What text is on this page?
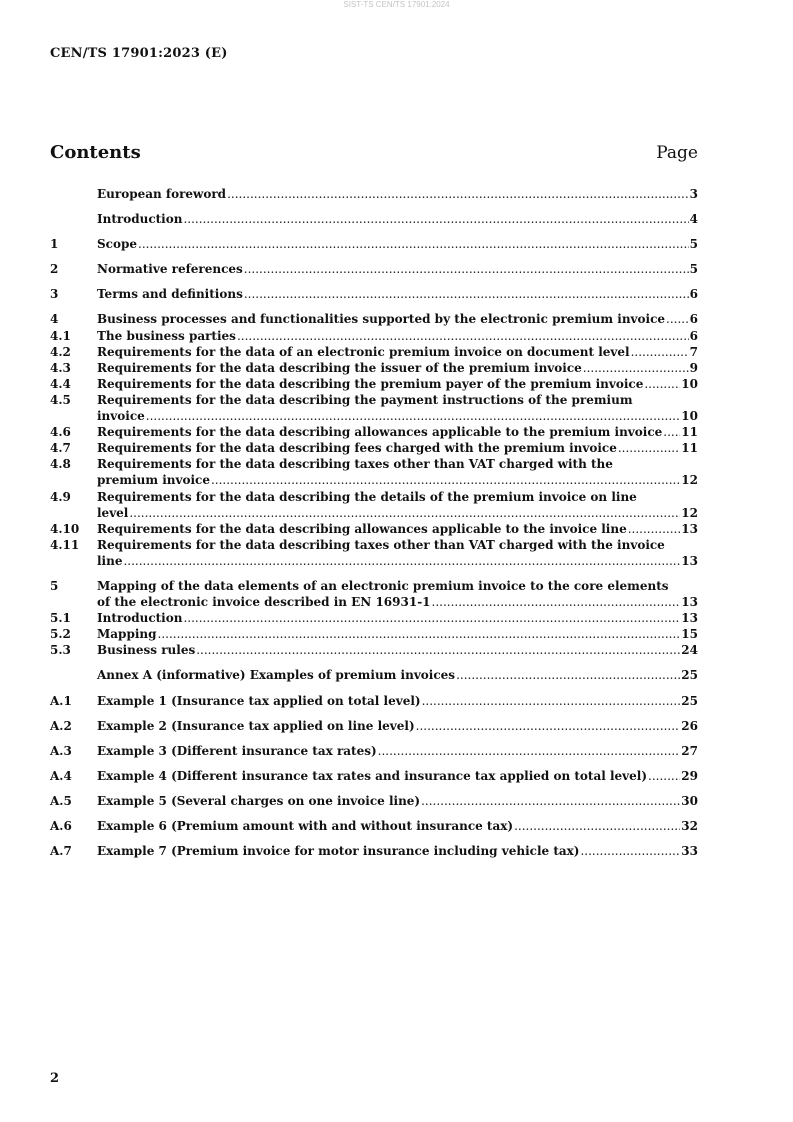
SIST-TS CEN/TS 17901:2024
CEN/TS 17901:2023 (E)
Contents	Page
European foreword .....	3
Introduction .....	4
1	Scope .....	5
2	Normative references .....	5
3	Terms and definitions .....	6
4	Business processes and functionalities supported by the electronic premium invoice ..... 6
4.1	The business parties .....	6
4.2	Requirements for the data of an electronic premium invoice on document level .....	7
4.3	Requirements for the data describing the issuer of the premium invoice .....	9
4.4	Requirements for the data describing the premium payer of the premium invoice .....	10
4.5	Requirements for the data describing the payment instructions of the premium
invoice .....	10
4.6	Requirements for the data describing allowances applicable to the premium invoice ..... 11
4.7	Requirements for the data describing fees charged with the premium invoice .....	11
4.8	Requirements for the data describing taxes other than VAT charged with the
premium invoice .....	12
4.9	Requirements for the data describing the details of the premium invoice on line
level .....	12
4.10	Requirements for the data describing allowances applicable to the invoice line .....	13
4.11	Requirements for the data describing taxes other than VAT charged with the invoice
line .....	13
5	Mapping of the data elements of an electronic premium invoice to the core elements
of the electronic invoice described in EN 16931-1 .....	13
5.1	Introduction .....	13
5.2	Mapping .....	15
5.3	Business rules .....	24
Annex A (informative) Examples of premium invoices .....	25
A.1	Example 1 (Insurance tax applied on total level) .....	25
A.2	Example 2 (Insurance tax applied on line level) .....	26
A.3	Example 3 (Different insurance tax rates) .....	27
A.4	Example 4 (Different insurance tax rates and insurance tax applied on total level) .....	29
A.5	Example 5 (Several charges on one invoice line) .....	30
A.6	Example 6 (Premium amount with and without insurance tax) .....	32
A.7	Example 7 (Premium invoice for motor insurance including vehicle tax) .....	33
2
